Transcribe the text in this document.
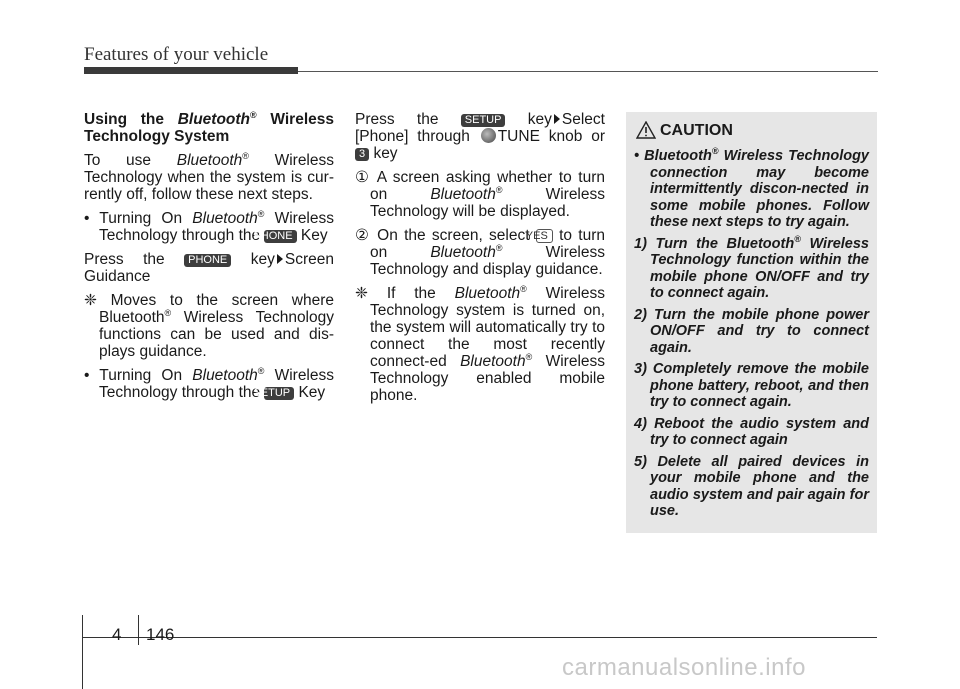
Features of your vehicle

Using the Bluetooth® Wireless Technology System

To use Bluetooth® Wireless Technology when the system is cur-rently off, follow these next steps.

• Turning On Bluetooth® Wireless Technology through the PHONE Key

Press the PHONE key Screen Guidance

❈ Moves to the screen where Bluetooth® Wireless Technology functions can be used and dis-plays guidance.

• Turning On Bluetooth® Wireless Technology through the SETUP Key

Press the SETUP key Select [Phone] through TUNE knob or 3 key

① A screen asking whether to turn on	Bluetooth®	Wireless Technology will be displayed.

② On the screen, select YES to turn on	Bluetooth®	Wireless Technology and display guidance.

❈ If the Bluetooth® Wireless Technology system is turned on, the system will automatically try to connect the most recently connect-ed Bluetooth® Wireless Technology enabled mobile phone.

CAUTION

• Bluetooth® Wireless Technology connection may become intermittently discon-nected in some mobile phones. Follow these next steps to try again.

1) Turn the Bluetooth® Wireless Technology function within the mobile phone ON/OFF and try to connect again.

2) Turn the mobile phone power ON/OFF and try to connect again.

3) Completely remove the mobile phone battery, reboot, and then try to connect again.

4) Reboot the audio system and try to connect again

5) Delete all paired devices in your mobile phone and the audio system and pair again for use.

4 146
carmanualsonline.info
